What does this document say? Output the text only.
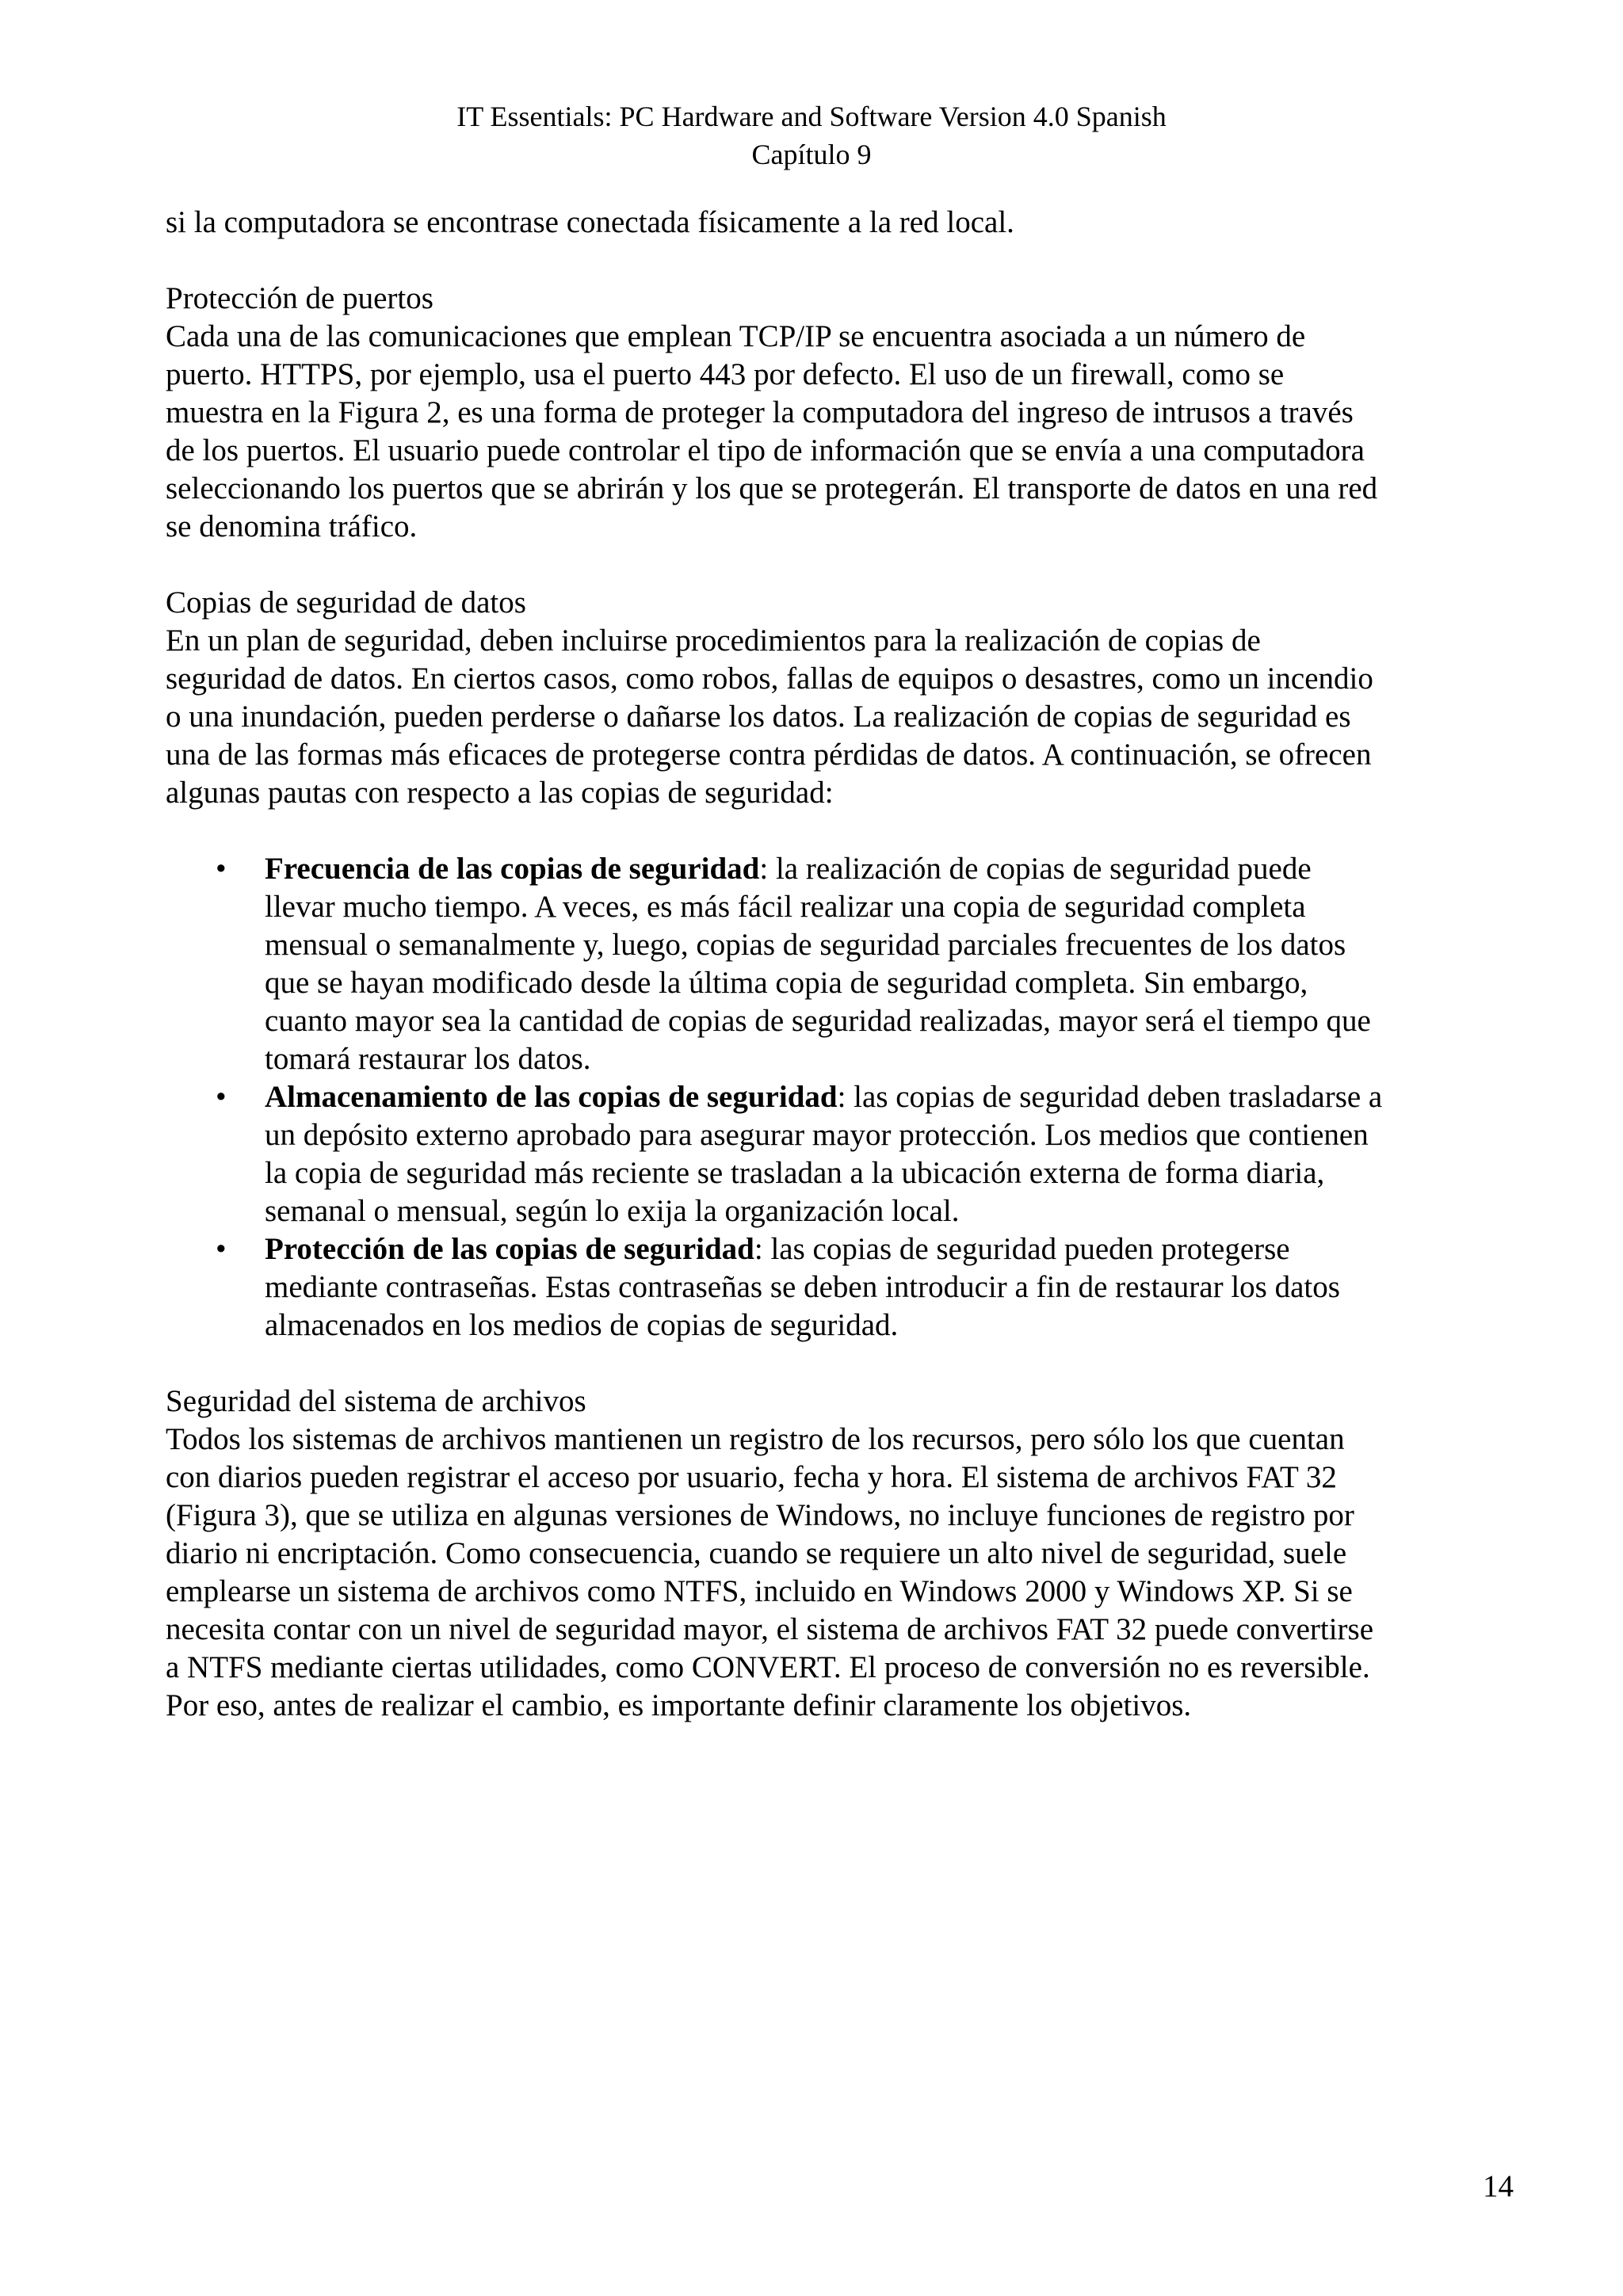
IT Essentials: PC Hardware and Software Version 4.0 Spanish
Capítulo 9

si la computadora se encontrase conectada físicamente a la red local.

Protección de puertos

Cada una de las comunicaciones que emplean TCP/IP se encuentra asociada a un número de puerto. HTTPS, por ejemplo, usa el puerto 443 por defecto. El uso de un firewall, como se muestra en la Figura 2, es una forma de proteger la computadora del ingreso de intrusos a través de los puertos. El usuario puede controlar el tipo de información que se envía a una computadora seleccionando los puertos que se abrirán y los que se protegerán. El transporte de datos en una red se denomina tráfico.

Copias de seguridad de datos

En un plan de seguridad, deben incluirse procedimientos para la realización de copias de seguridad de datos. En ciertos casos, como robos, fallas de equipos o desastres, como un incendio o una inundación, pueden perderse o dañarse los datos. La realización de copias de seguridad es una de las formas más eficaces de protegerse contra pérdidas de datos. A continuación, se ofrecen algunas pautas con respecto a las copias de seguridad:

• Frecuencia de las copias de seguridad: la realización de copias de seguridad puede llevar mucho tiempo. A veces, es más fácil realizar una copia de seguridad completa mensual o semanalmente y, luego, copias de seguridad parciales frecuentes de los datos que se hayan modificado desde la última copia de seguridad completa. Sin embargo, cuanto mayor sea la cantidad de copias de seguridad realizadas, mayor será el tiempo que tomará restaurar los datos.
• Almacenamiento de las copias de seguridad: las copias de seguridad deben trasladarse a un depósito externo aprobado para asegurar mayor protección. Los medios que contienen la copia de seguridad más reciente se trasladan a la ubicación externa de forma diaria, semanal o mensual, según lo exija la organización local.
• Protección de las copias de seguridad: las copias de seguridad pueden protegerse mediante contraseñas. Estas contraseñas se deben introducir a fin de restaurar los datos almacenados en los medios de copias de seguridad.

Seguridad del sistema de archivos

Todos los sistemas de archivos mantienen un registro de los recursos, pero sólo los que cuentan con diarios pueden registrar el acceso por usuario, fecha y hora. El sistema de archivos FAT 32 (Figura 3), que se utiliza en algunas versiones de Windows, no incluye funciones de registro por diario ni encriptación. Como consecuencia, cuando se requiere un alto nivel de seguridad, suele emplearse un sistema de archivos como NTFS, incluido en Windows 2000 y Windows XP. Si se necesita contar con un nivel de seguridad mayor, el sistema de archivos FAT 32 puede convertirse a NTFS mediante ciertas utilidades, como CONVERT. El proceso de conversión no es reversible. Por eso, antes de realizar el cambio, es importante definir claramente los objetivos.

14
